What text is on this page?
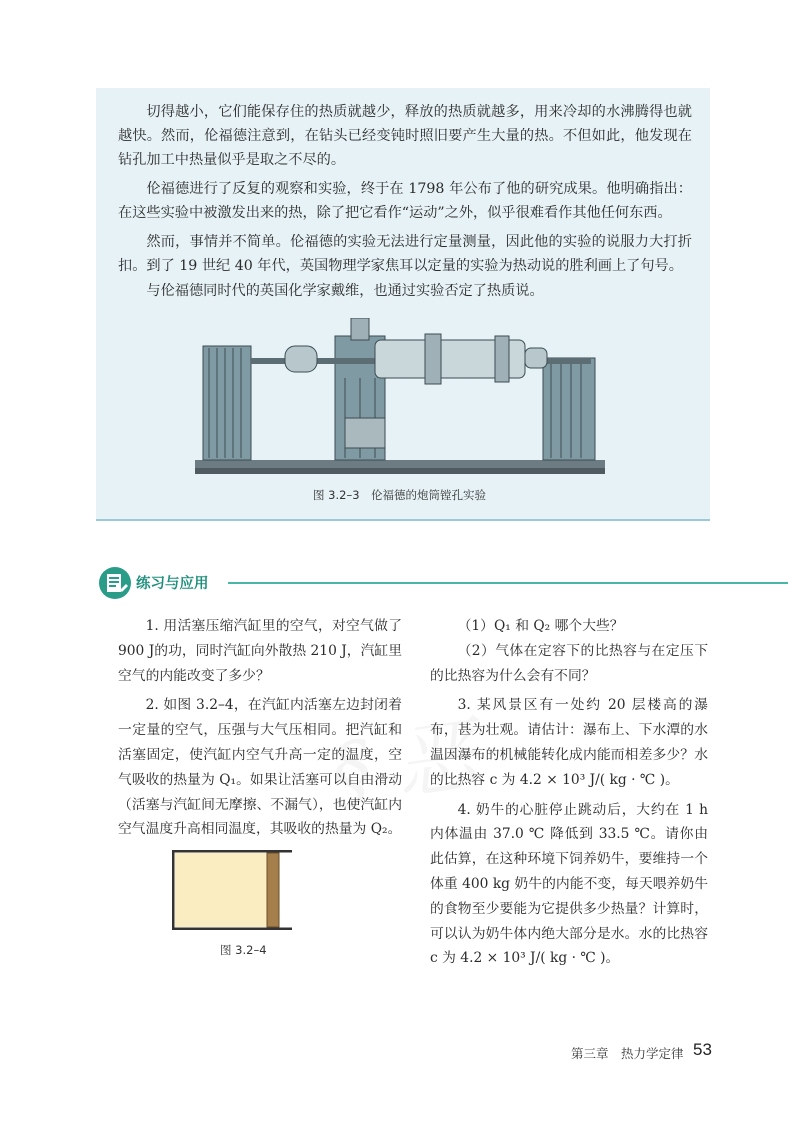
切得越小，它们能保存住的热质就越少，释放的热质就越多，用来冷却的水沸腾得也就越快。然而，伦福德注意到，在钻头已经变钝时照旧要产生大量的热。不但如此，他发现在钻孔加工中热量似乎是取之不尽的。

伦福德进行了反复的观察和实验，终于在 1798 年公布了他的研究成果。他明确指出：在这些实验中被激发出来的热，除了把它看作“运动”之外，似乎很难看作其他任何东西。

然而，事情并不简单。伦福德的实验无法进行定量测量，因此他的实验的说服力大打折扣。到了 19 世纪 40 年代，英国物理学家焦耳以定量的实验为热动说的胜利画上了句号。

与伦福德同时代的英国化学家戴维，也通过实验否定了热质说。

图 3.2–3　伦福德的炮筒镗孔实验
练习与应用
§ 恶

1. 用活塞压缩汽缸里的空气，对空气做了 900 J的功，同时汽缸向外散热 210 J，汽缸里空气的内能改变了多少？

2. 如图 3.2–4，在汽缸内活塞左边封闭着一定量的空气，压强与大气压相同。把汽缸和活塞固定，使汽缸内空气升高一定的温度，空气吸收的热量为 Q₁。如果让活塞可以自由滑动（活塞与汽缸间无摩擦、不漏气），也使汽缸内空气温度升高相同温度，其吸收的热量为 Q₂。

图 3.2–4

（1）Q₁ 和 Q₂ 哪个大些？

（2）气体在定容下的比热容与在定压下的比热容为什么会有不同？

3. 某风景区有一处约 20 层楼高的瀑布，甚为壮观。请估计：瀑布上、下水潭的水温因瀑布的机械能转化成内能而相差多少？水的比热容 c 为 4.2 × 10³ J/( kg · ℃ )。

4. 奶牛的心脏停止跳动后，大约在 1 h 内体温由 37.0 ℃ 降低到 33.5 ℃。请你由此估算，在这种环境下饲养奶牛，要维持一个体重 400 kg 奶牛的内能不变，每天喂养奶牛的食物至少要能为它提供多少热量？计算时，可以认为奶牛体内绝大部分是水。水的比热容 c 为 4.2 × 10³ J/( kg · ℃ )。

第三章　热力学定律 53
